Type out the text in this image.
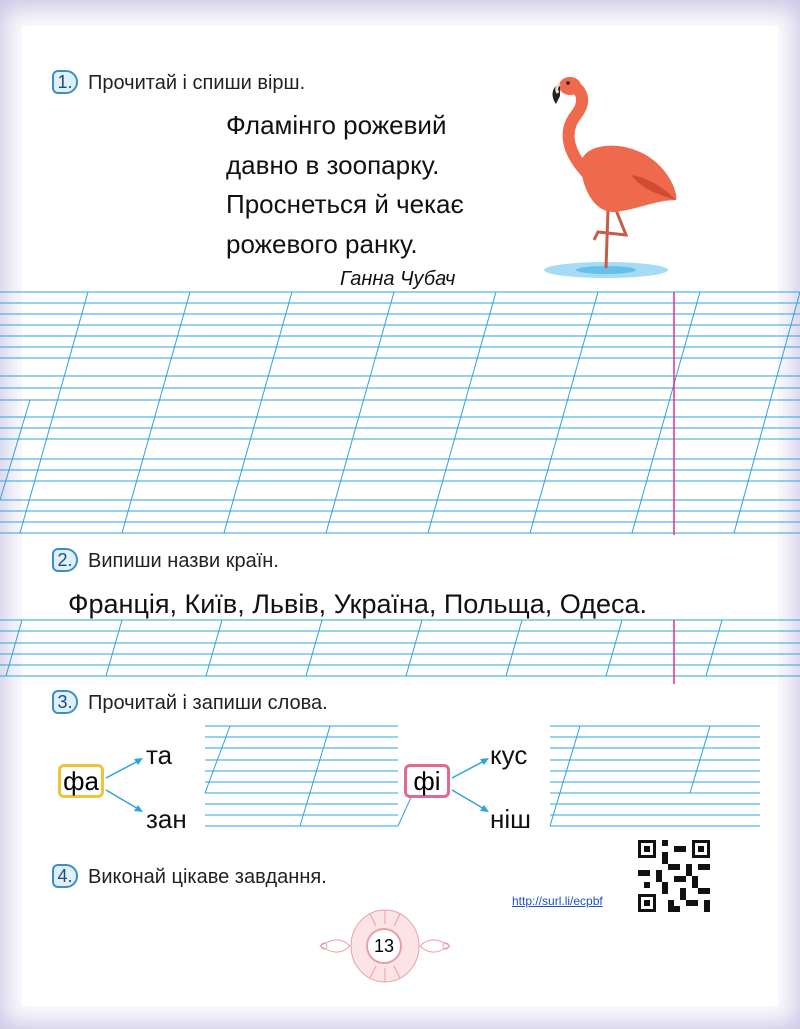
1. Прочитай і спиши вірш.
Фламінго рожевий
давно в зоопарку.
Проснеться й чекає
рожевого ранку.
Ганна Чубач
2. Випиши назви країн.
Франція, Київ, Львів, Україна, Польща, Одеса.
3. Прочитай і запиши слова.
фа
та
зан
фі
кус
ніш
4. Виконай цікаве завдання.
http://surl.li/ecpbf
13
